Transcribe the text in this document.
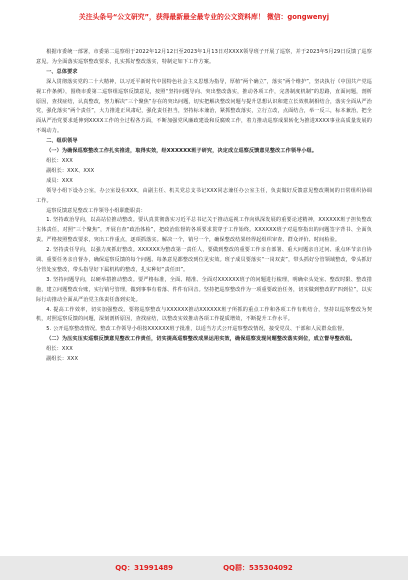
关注头条号“公文研究”，获得最新最全最专业的公文资料库！ 微信：gongwenyj

根据市委统一部署，市委第二巡察组于2022年12月12日至2023年1月13日对XXXX领导班子开展了巡察，并于2023年5月29日反馈了巡察意见。为全面落实巡察整改要求，扎实抓好整改落实，特制定如下工作方案。

一、总体要求

深入贯彻落实党的二十大精神，以习近平新时代中国特色社会主义思想为指导，厚植“两个确立”，落实“两个维护”，坚决执行《中国共产党巡视工作条例》，围绕市委第二巡察组巡察反馈意见，按照“坚持问题导向、突出整改落实，推动各项工作，完善制度机制”的思路，直面问题，剖析原因，查找症结，认真整改，努力解决“三个聚焦”存在的突出问题，切实把解决整改问题与提升思想认识和建立长效机制相结合，落实全面从严治党，强化落实“两个责任”，大力推进正风肃纪，强化责任担当，坚持标本兼治，紧抓整改落实，立行立改，点面结合，举一反三，标本兼治，把全面从严治党要求延伸到XXXX工作的全过程各方面，不断加强党风廉政建设和反腐败工作，着力推动巡察成果转化为推进XXXX事业高质量发展的不竭动力。

二、组织领导

（一）为确保巡察整改工作扎实推进，取得实效，经XXXXXX班子研究，决定成立巡察反馈意见整改工作领导小组。

组长：XXX

副组长：XXX、XXX

成员：XXX

领导小组下设办公室，办公室设在XXX，由副主任、机关党总支书记XXX同志兼任办公室主任，负责做好反馈意见整改期间的日常组织协调工作。

巡察反馈意见整改工作领导小组职能职责：

1. 坚持政治导向，以高站位推动整改。要认真贯彻落实习近平总书记关于推动巡视工作向纵深发展的重要论述精神，XXXXXX班子担负整改主体责任，对照“三个聚焦”，开展自查“政治体检”，把政治监督的各项要求贯穿于工作始终。XXXXXX班子对巡察指出的问题签字背书、全面负责。严格按照整改要求，突出工作重点，逐项抓落实。解决一个，销号一个，确保整改结果经得起组织审查、群众评价、时间检验。

2. 坚持责任导向，以强力度抓好整改。XXXXXX为整改第一责任人，要做到整改的重要工作亲自部署、重大问题亲自过问、重点环节亲自协调、重要任务亲自督办，确保巡察反馈的每个问题、每条意见都整改到位见实效。班子成员要落实“一岗双责”，带头抓好分管领域整改，带头抓好分管处室整改，带头指导好下属机构的整改，扎实种好“责任田”。

3. 坚持问题导向，以硬举措推动整改。要严格标准，全面、精准、全面对XXXXXX班子的问题进行梳理，明确牵头处室、整改时限、整改措施，建立问题整改台账，实行销号管理，做到事事有着落、件件有回音。坚持把巡察整改作为一项重要政治任务，切实做到整改的“四到位”，以实际行动推动全面从严治党主体责任落到实处。

4. 提高工作效率，切实加强整改。要将巡察整改与XXXXXX推动XXXXXX班子所抓的重点工作和各项工作有机结合，坚持以巡察整改为契机，对照巡察反馈的问题，深刻剖析原因，查找症结，以整改实效推动各项工作提质增效，不断提升工作水平。

5. 公开巡察整改情况。整改工作领导小组按XXXXXX班子批准，以适当方式公开巡察整改情况，接受党员、干部和人民群众监督。

（二）为压实压实巡察反馈意见整改工作责任，切实提高巡察整改成果运用实效，确保巡察发现问题整改落实到位，成立督导整改组。

组长：XXX

副组长：XXX

QQ：31991489	QQ群：535304092
